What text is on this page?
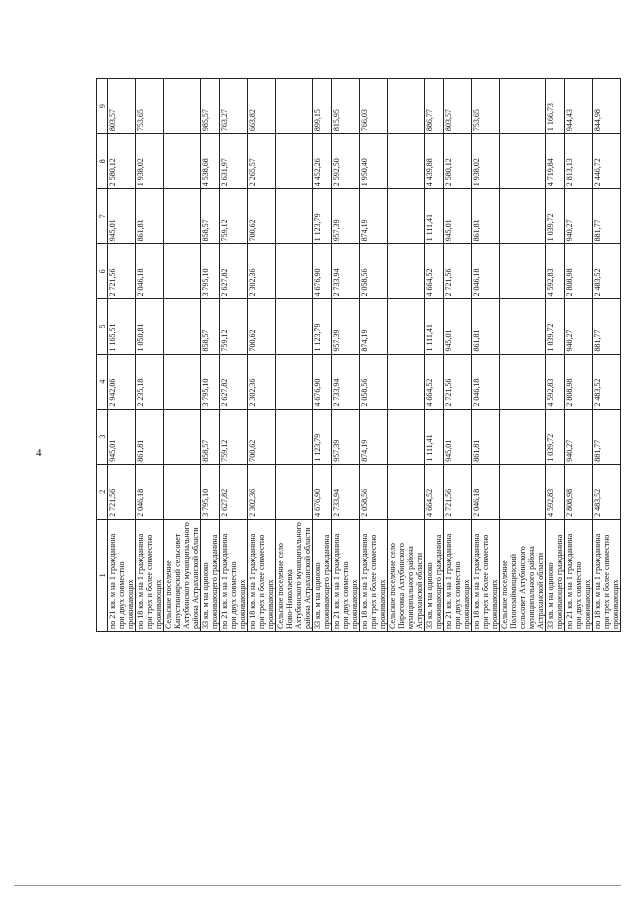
4
1	2	3	4	5	6	7	8	9
по 21 кв. м на 1 гражданина при двух совместно проживающих	2 721,56	945,01	2 942,06	1 165,51	2 721,56	945,01	2 580,12	803,57
по 18 кв. м на 1 гражданина при трех и более совместно проживающих	2 046,18	861,81	2 235,18	1 050,81	2 046,18	861,81	1 938,02	753,65
Сельское поселение Капустиноярский сельсовет Ахтубинского муниципального района Астраханской области								
33 кв. м на одиноко проживающего гражданина	3 795,10	858,57	3 795,10	858,57	3 795,10	858,57	4 538,68	985,57
по 21 кв. м на 1 гражданина при двух совместно проживающих	2 627,82	759,12	2 627,82	759,12	2 627,82	759,12	2 631,97	763,27
по 18 кв. м на 1 гражданина при трех и более совместно проживающих	2 302,36	700,62	2 302,36	700,62	2 302,36	700,62	2 265,57	663,82
Сельское поселение село Ново-Николаевка Ахтубинского муниципального района Астраханской области								
33 кв. м на одиноко проживающего гражданина	4 676,90	1 123,79	4 676,90	1 123,79	4 676,90	1 123,79	4 452,26	899,15
по 21 кв. м на 1 гражданина при двух совместно проживающих	2 733,94	957,39	2 733,94	957,39	2 733,94	957,39	2 592,50	815,95
по 18 кв. м на 1 гражданина при трех и более совместно проживающих	2 058,56	874,19	2 058,56	874,19	2 058,56	874,19	1 950,40	766,03
Сельское поселение село Пироговка Ахтубинского муниципального района Астраханской области								
33 кв. м на одиноко проживающего гражданина	4 664,52	1 111,41	4 664,52	1 111,41	4 664,52	1 111,41	4 439,88	886,77
по 21 кв. м на 1 гражданина при двух совместно проживающих	2 721,56	945,01	2 721,56	945,01	2 721,56	945,01	2 580,12	803,57
по 18 кв. м на 1 гражданина при трех и более совместно проживающих	2 046,18	861,81	2 046,18	861,81	2 046,18	861,81	1 938,02	753,65
Сельское поселение Пологозаймищенский сельсовет Ахтубинского муниципального района Астраханской области								
33 кв. м на одиноко проживающего гражданина	4 592,83	1 039,72	4 592,83	1 039,72	4 592,83	1 039,72	4 719,84	1 166,73
по 21 кв. м на 1 гражданина при двух совместно проживающих	2 808,98	940,27	2 808,98	940,27	2 808,98	940,27	2 813,13	944,43
по 18 кв. м на 1 гражданина при трех и более совместно проживающих	2 483,52	881,77	2 483,52	881,77	2 483,52	881,77	2 446,72	844,98
